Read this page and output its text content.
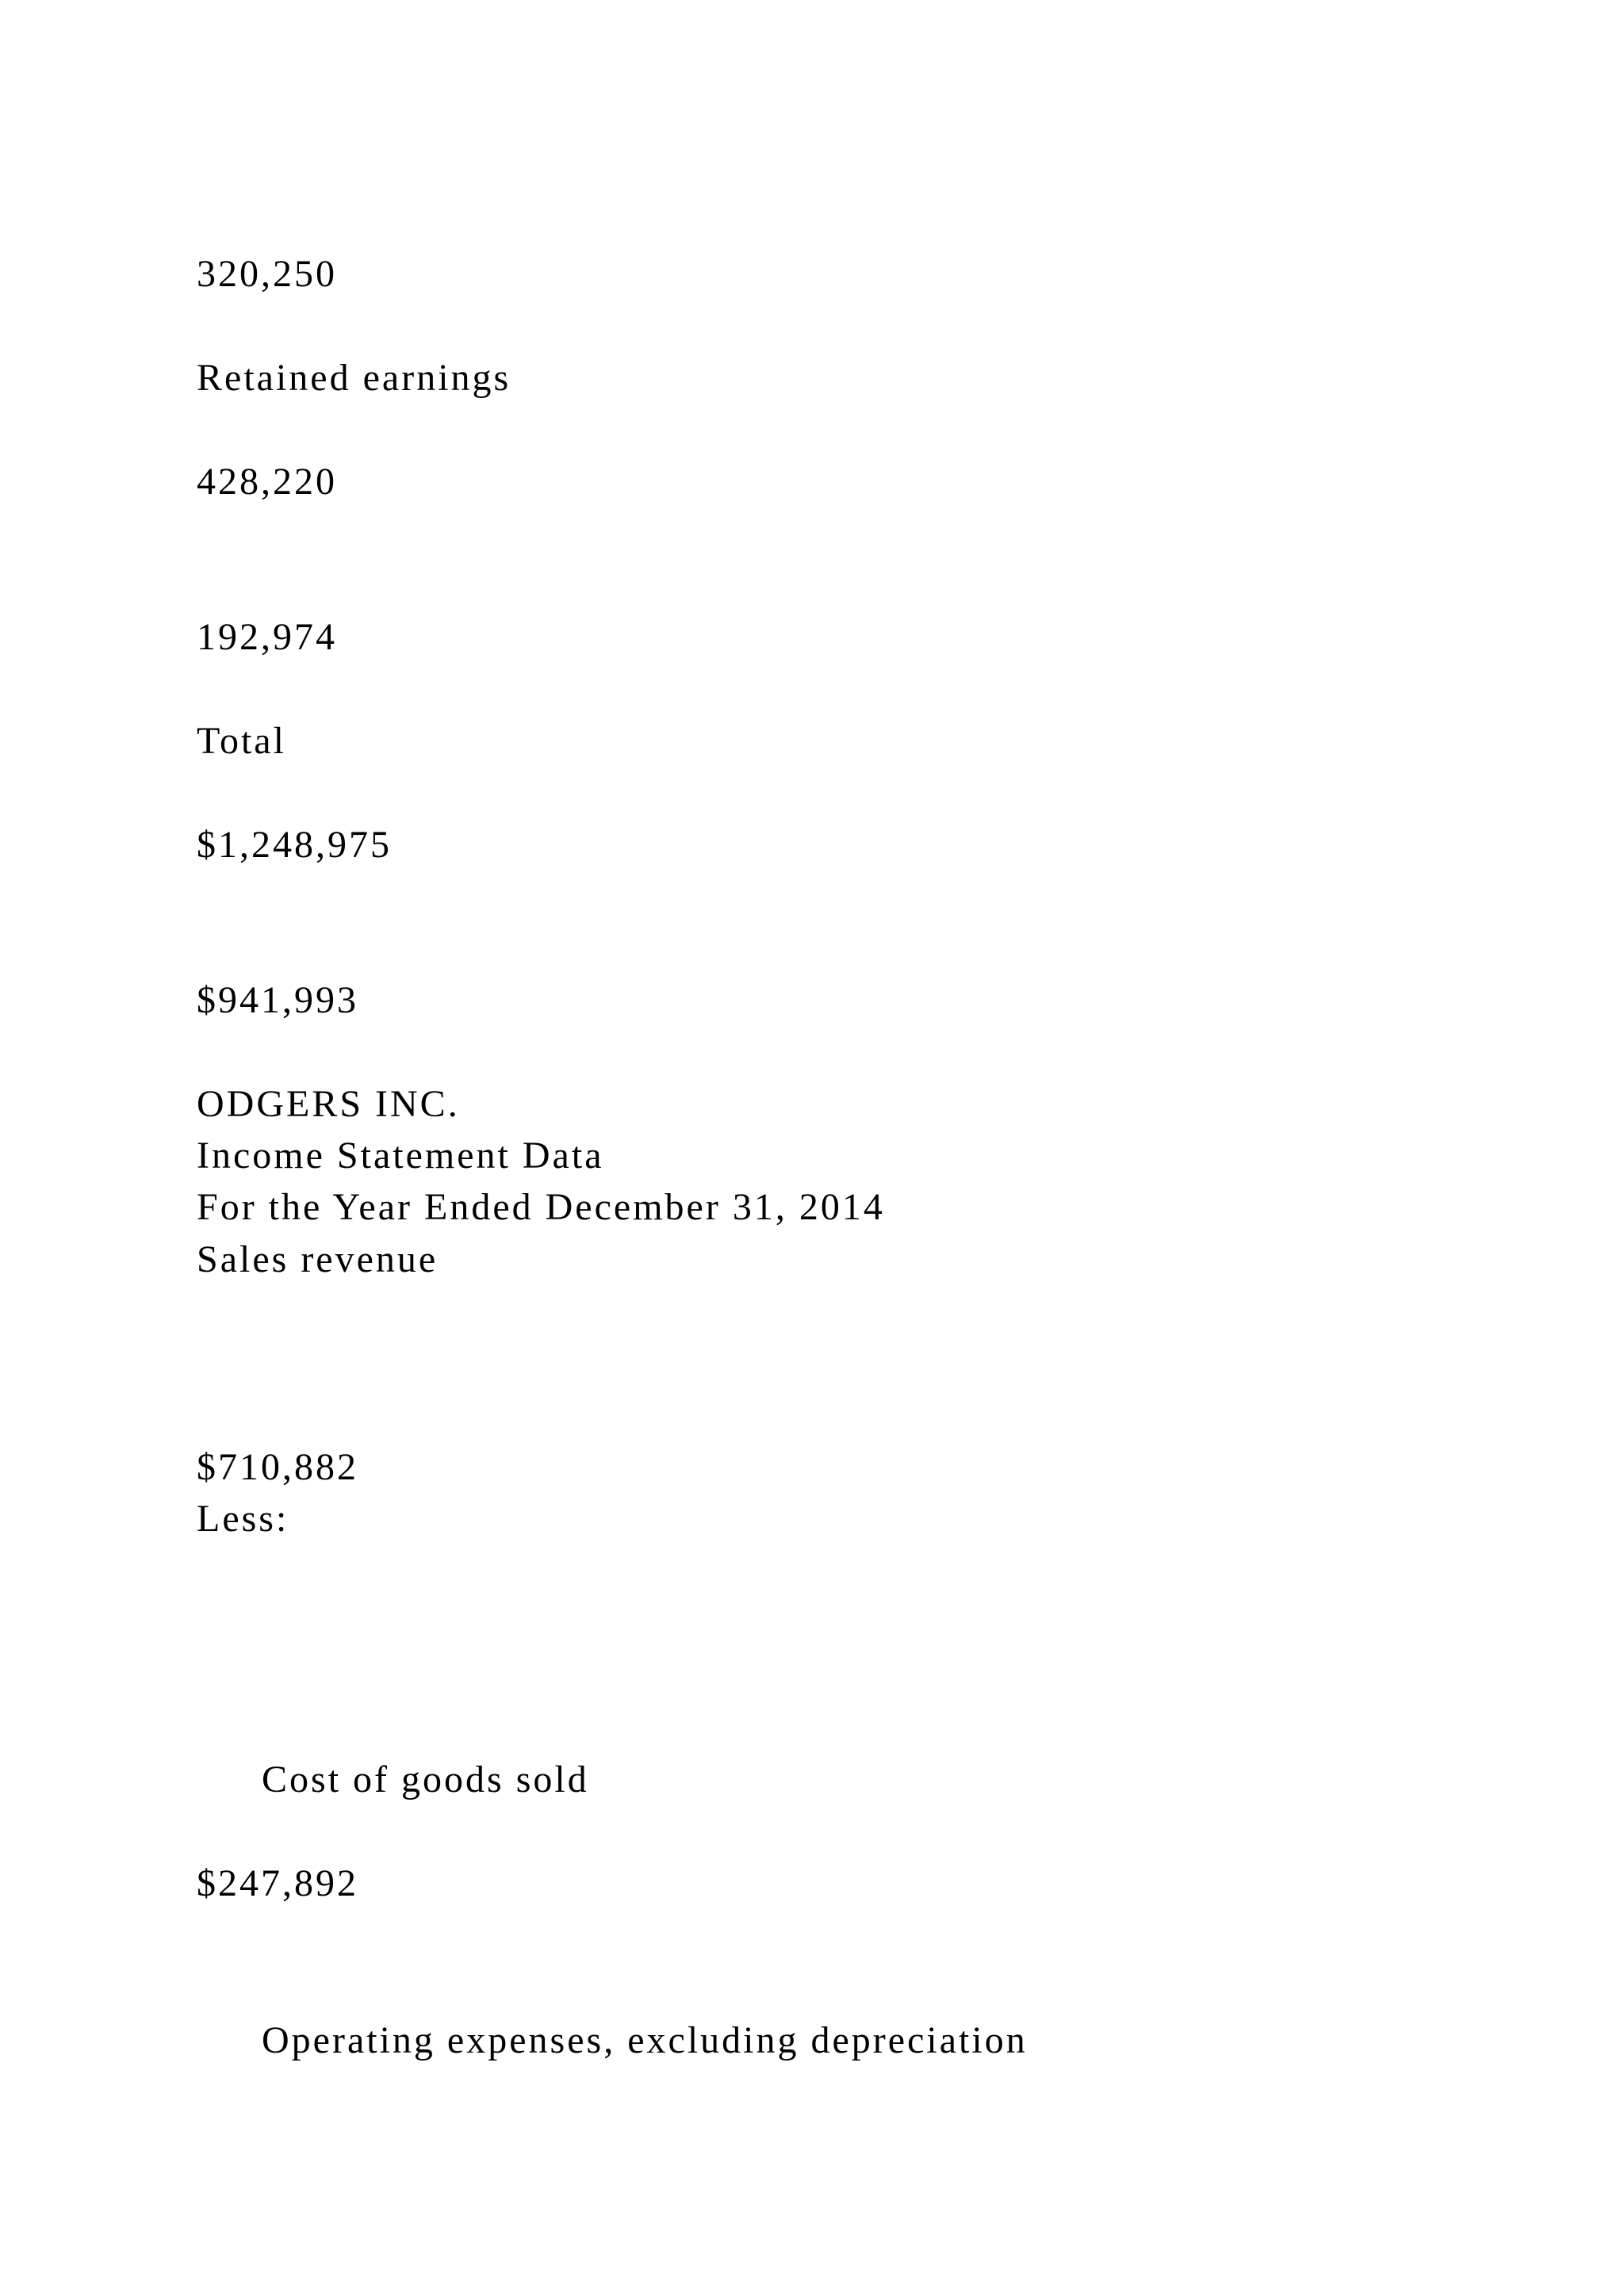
320,250
Retained earnings
428,220
192,974
Total
$1,248,975
$941,993
ODGERS INC.
Income Statement Data
For the Year Ended December 31, 2014
Sales revenue
$710,882
Less:
Cost of goods sold
$247,892
Operating expenses, excluding depreciation
